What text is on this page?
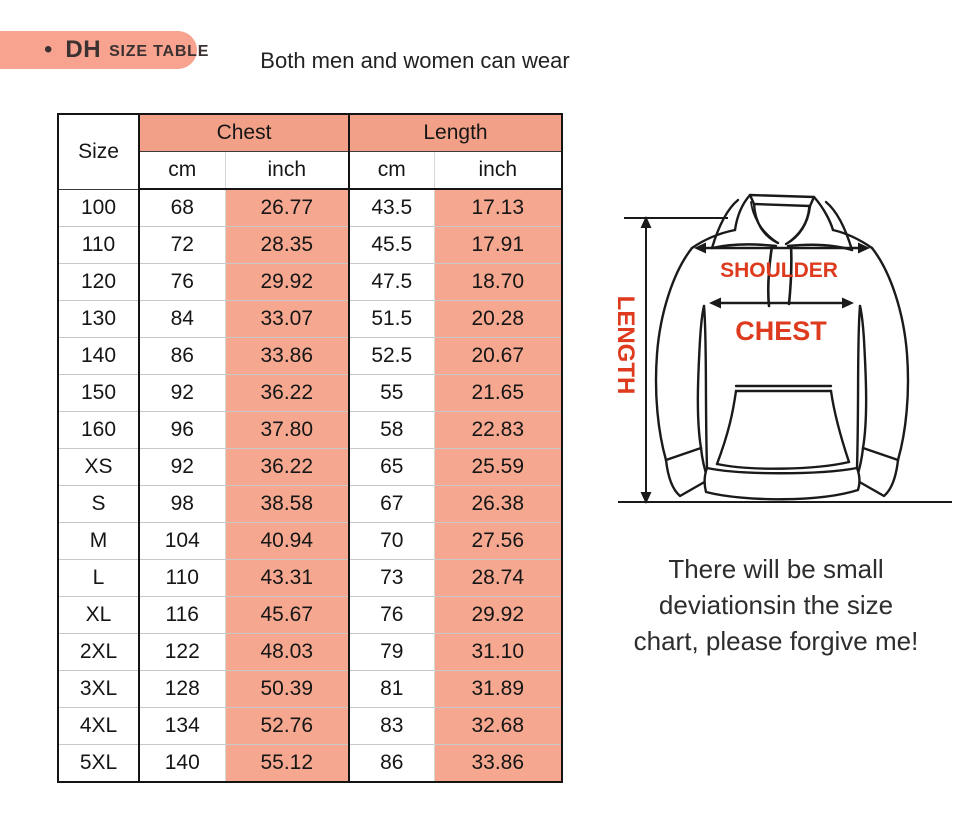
• DH SIZE TABLE	Both men and women can wear
Size	Chest		Length	
	cm	inch	cm	inch
100	68	26.77	43.5	17.13
110	72	28.35	45.5	17.91
120	76	29.92	47.5	18.70
130	84	33.07	51.5	20.28
140	86	33.86	52.5	20.67
150	92	36.22	55	21.65
160	96	37.80	58	22.83
XS	92	36.22	65	25.59
S	98	38.58	67	26.38
M	104	40.94	70	27.56
L	110	43.31	73	28.74
XL	116	45.67	76	29.92
2XL	122	48.03	79	31.10
3XL	128	50.39	81	31.89
4XL	134	52.76	83	32.68
5XL	140	55.12	86	33.86
LENGTH
SHOULDER
CHEST
There will be small
deviationsin the size
chart, please forgive me!
